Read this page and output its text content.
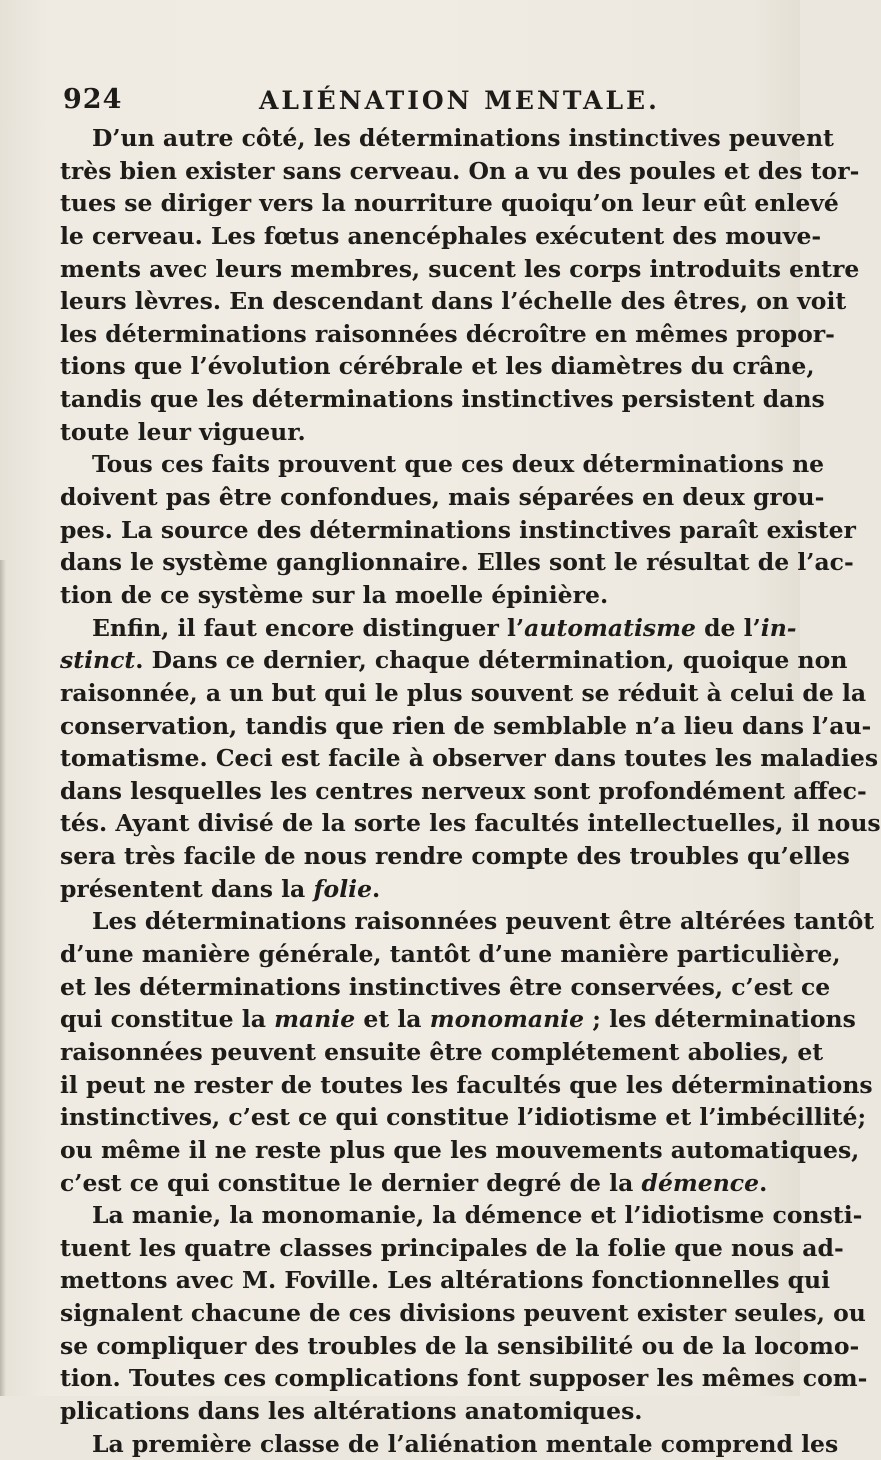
924	ALIÉNATION MENTALE.
D’un autre côté, les déterminations instinctives peuvent
très bien exister sans cerveau. On a vu des poules et des tor-
tues se diriger vers la nourriture quoiqu’on leur eût enlevé
le cerveau. Les fœtus anencéphales exécutent des mouve-
ments avec leurs membres, sucent les corps introduits entre
leurs lèvres. En descendant dans l’échelle des êtres, on voit
les déterminations raisonnées décroître en mêmes propor-
tions que l’évolution cérébrale et les diamètres du crâne,
tandis que les déterminations instinctives persistent dans
toute leur vigueur.
Tous ces faits prouvent que ces deux déterminations ne
doivent pas être confondues, mais séparées en deux grou-
pes. La source des déterminations instinctives paraît exister
dans le système ganglionnaire. Elles sont le résultat de l’ac-
tion de ce système sur la moelle épinière.
Enfin, il faut encore distinguer l’automatisme de l’in-
stinct. Dans ce dernier, chaque détermination, quoique non
raisonnée, a un but qui le plus souvent se réduit à celui de la
conservation, tandis que rien de semblable n’a lieu dans l’au-
tomatisme. Ceci est facile à observer dans toutes les maladies
dans lesquelles les centres nerveux sont profondément affec-
tés. Ayant divisé de la sorte les facultés intellectuelles, il nous
sera très facile de nous rendre compte des troubles qu’elles
présentent dans la folie.
Les déterminations raisonnées peuvent être altérées tantôt
d’une manière générale, tantôt d’une manière particulière,
et les déterminations instinctives être conservées, c’est ce
qui constitue la manie et la monomanie ; les déterminations
raisonnées peuvent ensuite être complétement abolies, et
il peut ne rester de toutes les facultés que les déterminations
instinctives, c’est ce qui constitue l’idiotisme et l’imbécillité;
ou même il ne reste plus que les mouvements automatiques,
c’est ce qui constitue le dernier degré de la démence.
La manie, la monomanie, la démence et l’idiotisme consti-
tuent les quatre classes principales de la folie que nous ad-
mettons avec M. Foville. Les altérations fonctionnelles qui
signalent chacune de ces divisions peuvent exister seules, ou
se compliquer des troubles de la sensibilité ou de la locomo-
tion. Toutes ces complications font supposer les mêmes com-
plications dans les altérations anatomiques.
La première classe de l’aliénation mentale comprend les
